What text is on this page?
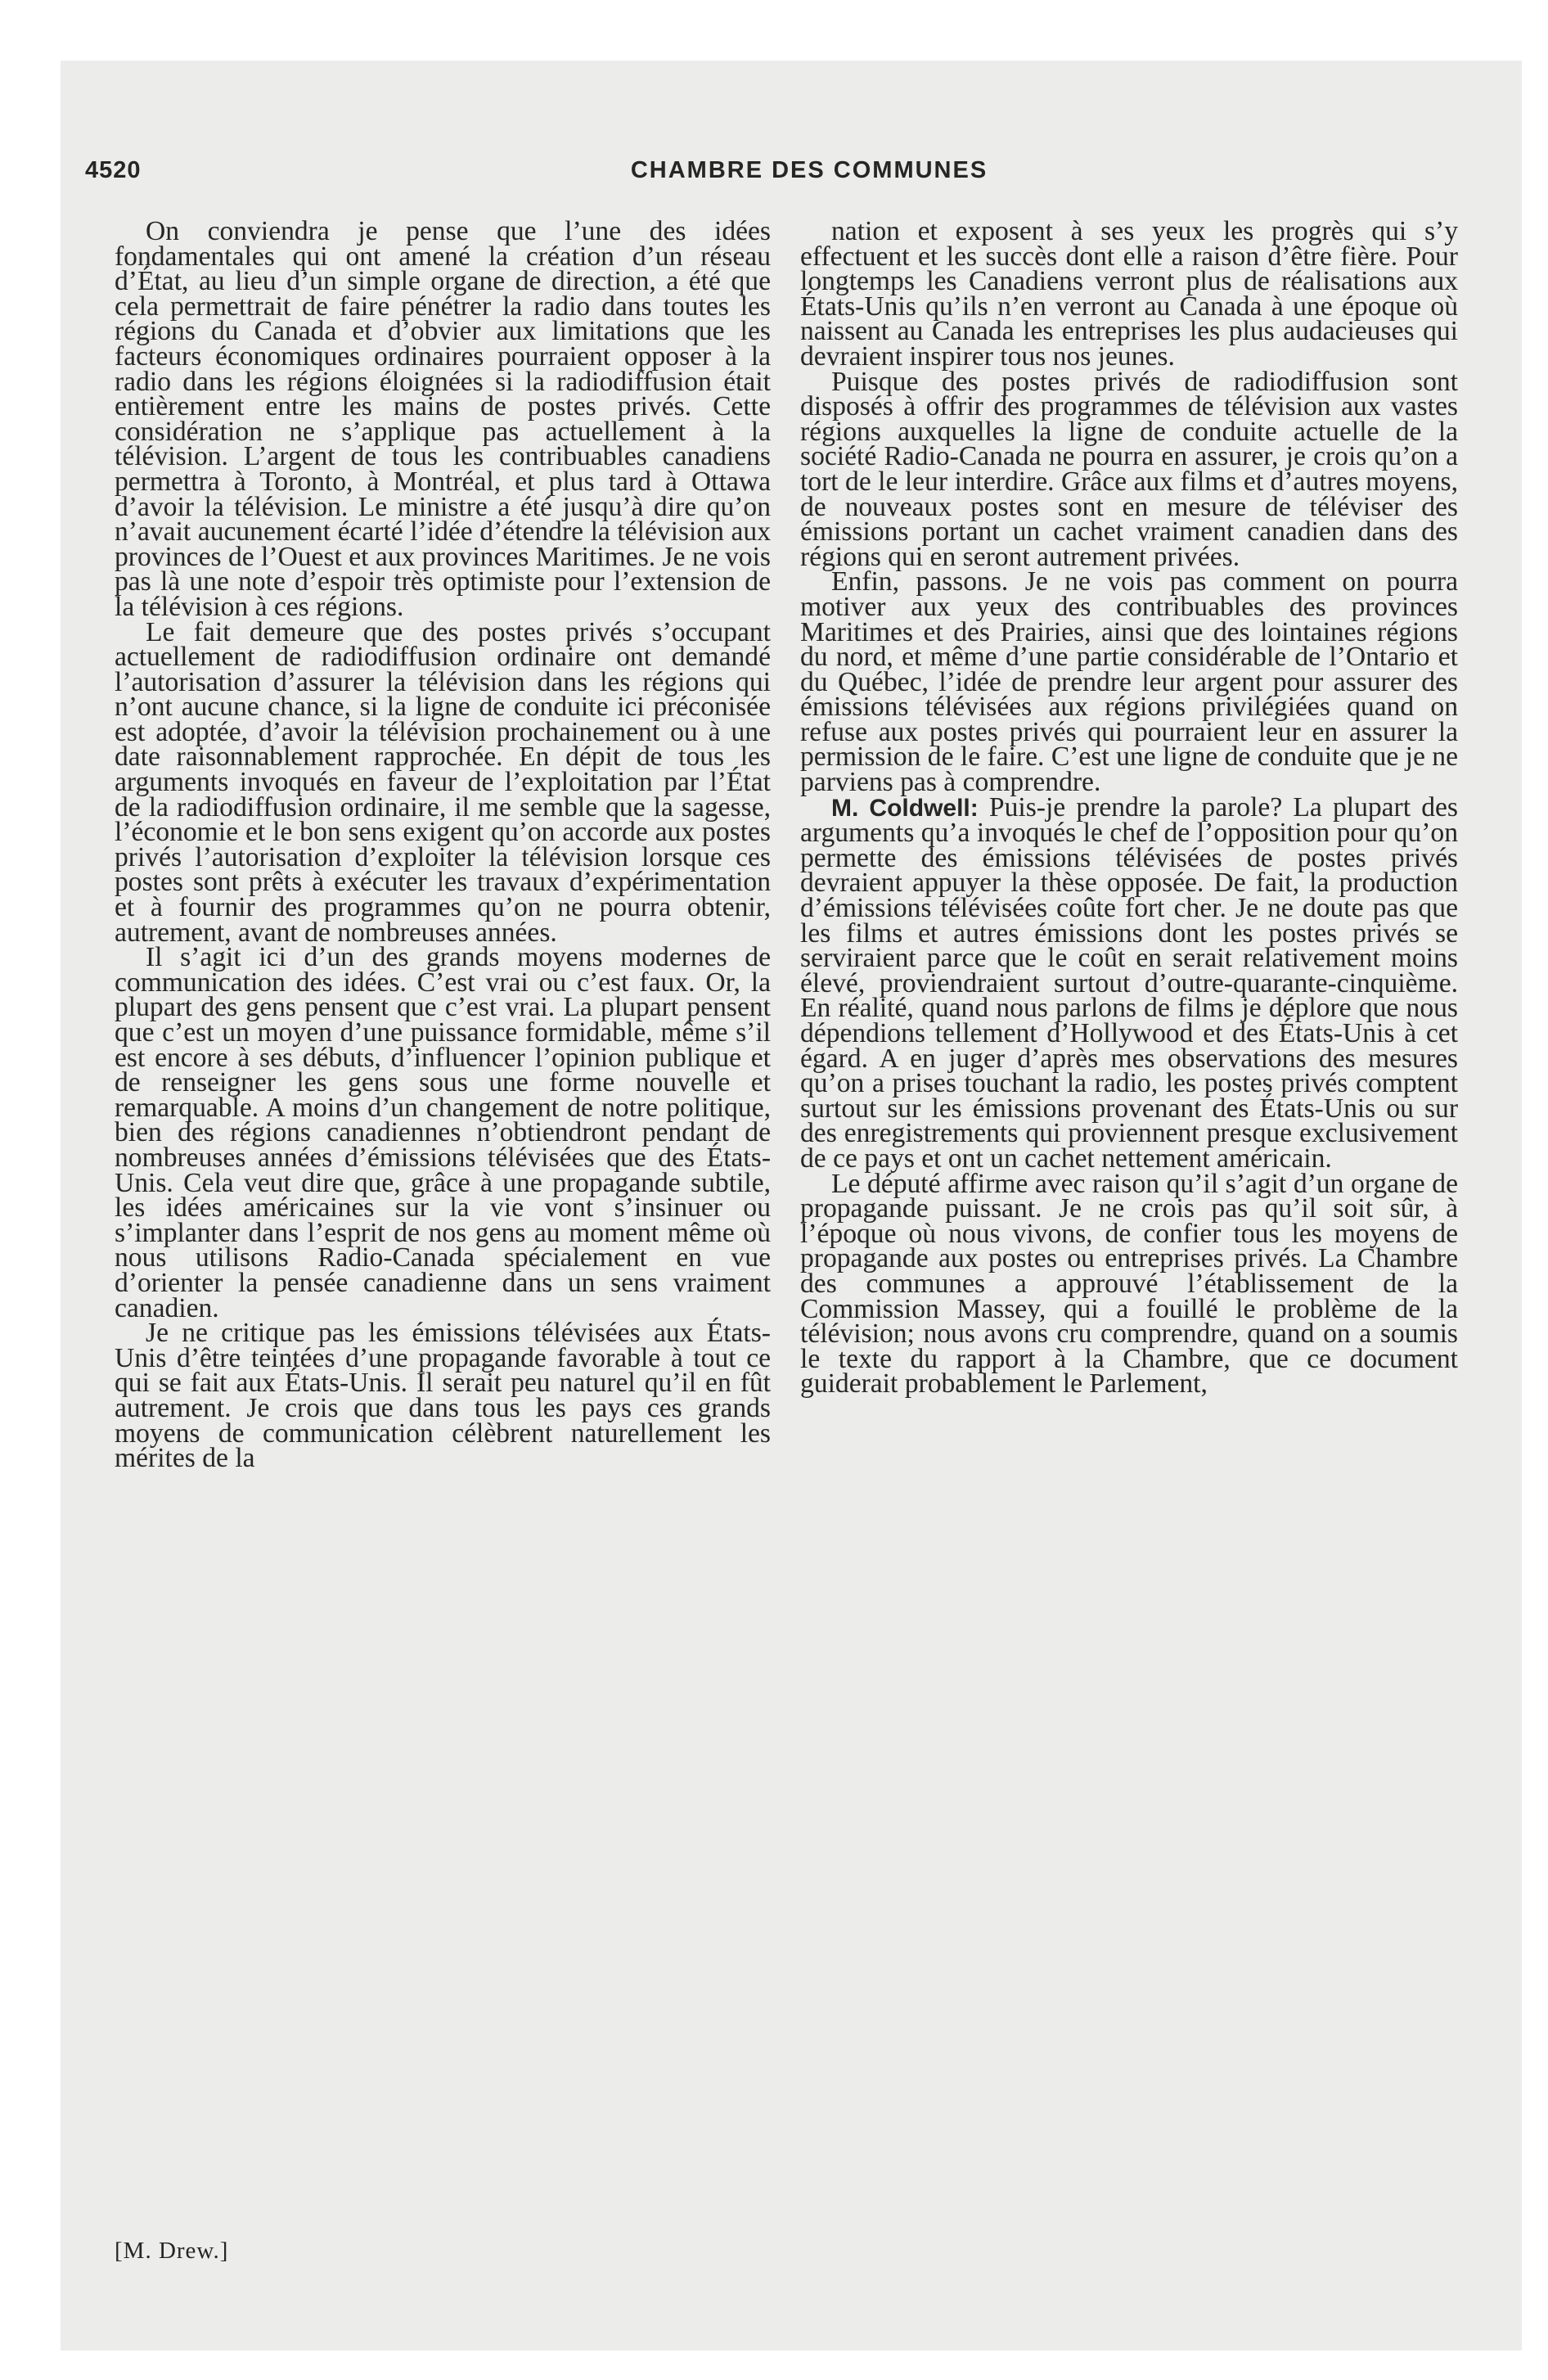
4520	CHAMBRE DES COMMUNES

On conviendra je pense que l’une des idées fondamentales qui ont amené la création d’un réseau d’État, au lieu d’un simple organe de direction, a été que cela permettrait de faire pénétrer la radio dans toutes les régions du Canada et d’obvier aux limitations que les facteurs économiques ordinaires pourraient opposer à la radio dans les régions éloignées si la radiodiffusion était entièrement entre les mains de postes privés. Cette considération ne s’applique pas actuellement à la télévision. L’argent de tous les contribuables canadiens permettra à Toronto, à Montréal, et plus tard à Ottawa d’avoir la télévision. Le ministre a été jusqu’à dire qu’on n’avait aucunement écarté l’idée d’étendre la télévision aux provinces de l’Ouest et aux provinces Maritimes. Je ne vois pas là une note d’espoir très optimiste pour l’extension de la télévision à ces régions.

Le fait demeure que des postes privés s’occupant actuellement de radiodiffusion ordinaire ont demandé l’autorisation d’assurer la télévision dans les régions qui n’ont aucune chance, si la ligne de conduite ici préconisée est adoptée, d’avoir la télévision prochainement ou à une date raisonnablement rapprochée. En dépit de tous les arguments invoqués en faveur de l’exploitation par l’État de la radiodiffusion ordinaire, il me semble que la sagesse, l’économie et le bon sens exigent qu’on accorde aux postes privés l’autorisation d’exploiter la télévision lorsque ces postes sont prêts à exécuter les travaux d’expérimentation et à fournir des programmes qu’on ne pourra obtenir, autrement, avant de nombreuses années.

Il s’agit ici d’un des grands moyens modernes de communication des idées. C’est vrai ou c’est faux. Or, la plupart des gens pensent que c’est vrai. La plupart pensent que c’est un moyen d’une puissance formidable, même s’il est encore à ses débuts, d’influencer l’opinion publique et de renseigner les gens sous une forme nouvelle et remarquable. A moins d’un changement de notre politique, bien des régions canadiennes n’obtiendront pendant de nombreuses années d’émissions télévisées que des États-Unis. Cela veut dire que, grâce à une propagande subtile, les idées américaines sur la vie vont s’insinuer ou s’implanter dans l’esprit de nos gens au moment même où nous utilisons Radio-Canada spécialement en vue d’orienter la pensée canadienne dans un sens vraiment canadien.

Je ne critique pas les émissions télévisées aux États-Unis d’être teintées d’une propagande favorable à tout ce qui se fait aux États-Unis. Il serait peu naturel qu’il en fût autrement. Je crois que dans tous les pays ces grands moyens de communication célèbrent naturellement les mérites de la

nation et exposent à ses yeux les progrès qui s’y effectuent et les succès dont elle a raison d’être fière. Pour longtemps les Canadiens verront plus de réalisations aux États-Unis qu’ils n’en verront au Canada à une époque où naissent au Canada les entreprises les plus audacieuses qui devraient inspirer tous nos jeunes.

Puisque des postes privés de radiodiffusion sont disposés à offrir des programmes de télévision aux vastes régions auxquelles la ligne de conduite actuelle de la société Radio-Canada ne pourra en assurer, je crois qu’on a tort de le leur interdire. Grâce aux films et d’autres moyens, de nouveaux postes sont en mesure de téléviser des émissions portant un cachet vraiment canadien dans des régions qui en seront autrement privées.

Enfin, passons. Je ne vois pas comment on pourra motiver aux yeux des contribuables des provinces Maritimes et des Prairies, ainsi que des lointaines régions du nord, et même d’une partie considérable de l’Ontario et du Québec, l’idée de prendre leur argent pour assurer des émissions télévisées aux régions privilégiées quand on refuse aux postes privés qui pourraient leur en assurer la permission de le faire. C’est une ligne de conduite que je ne parviens pas à comprendre.

M. Coldwell: Puis-je prendre la parole? La plupart des arguments qu’a invoqués le chef de l’opposition pour qu’on permette des émissions télévisées de postes privés devraient appuyer la thèse opposée. De fait, la production d’émissions télévisées coûte fort cher. Je ne doute pas que les films et autres émissions dont les postes privés se serviraient parce que le coût en serait relativement moins élevé, proviendraient surtout d’outre-quarante-cinquième. En réalité, quand nous parlons de films je déplore que nous dépendions tellement d’Hollywood et des États-Unis à cet égard. A en juger d’après mes observations des mesures qu’on a prises touchant la radio, les postes privés comptent surtout sur les émissions provenant des États-Unis ou sur des enregistrements qui proviennent presque exclusivement de ce pays et ont un cachet nettement américain.

Le député affirme avec raison qu’il s’agit d’un organe de propagande puissant. Je ne crois pas qu’il soit sûr, à l’époque où nous vivons, de confier tous les moyens de propagande aux postes ou entreprises privés. La Chambre des communes a approuvé l’établissement de la Commission Massey, qui a fouillé le problème de la télévision; nous avons cru comprendre, quand on a soumis le texte du rapport à la Chambre, que ce document guiderait probablement le Parlement,

[M. Drew.]
